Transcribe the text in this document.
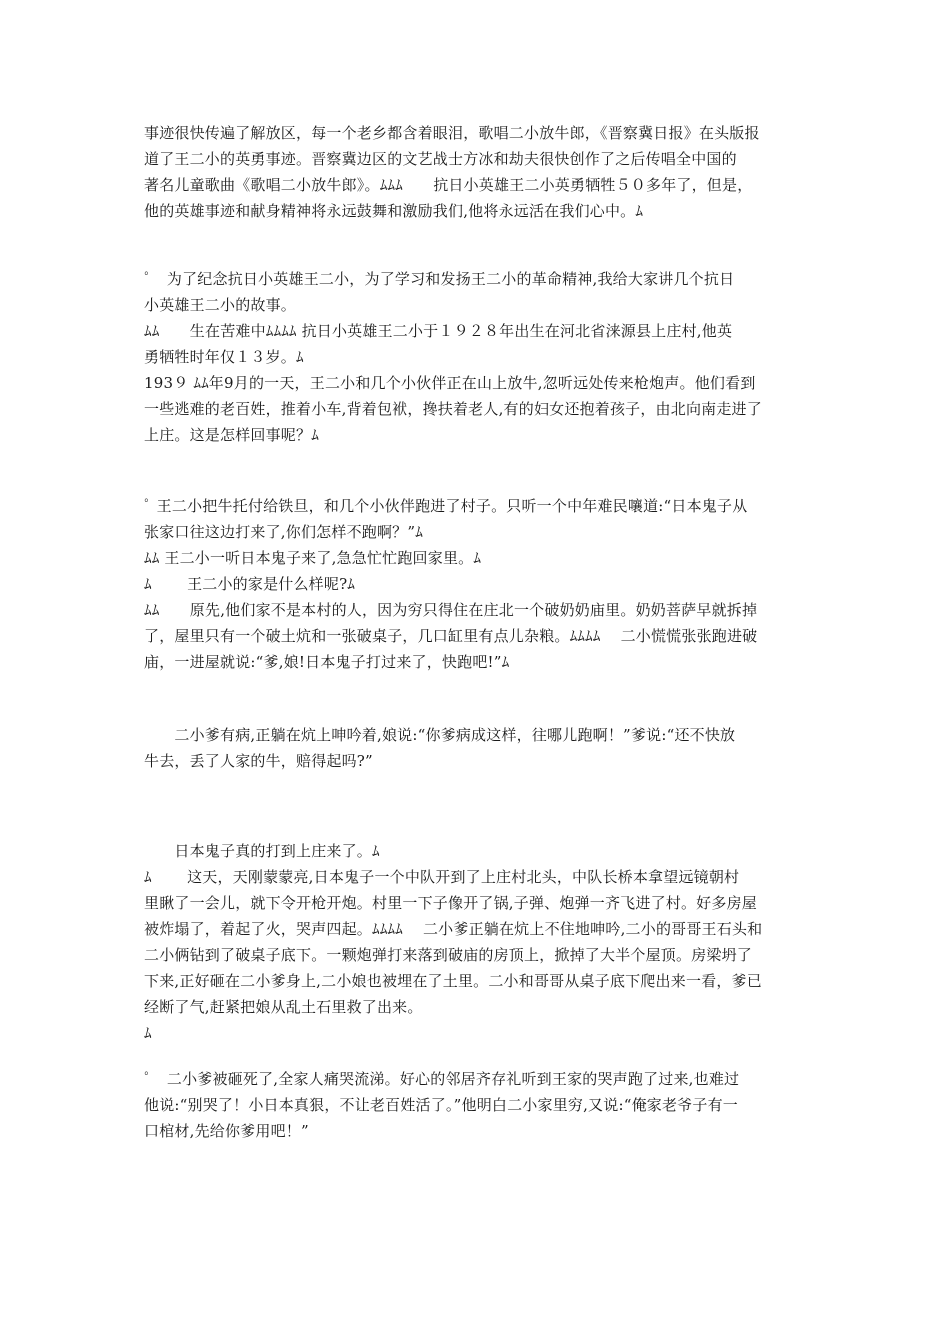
事迹很快传遍了解放区，每一个老乡都含着眼泪，歌唱二小放牛郎，《晋察冀日报》在头版报
道了王二小的英勇事迹。晋察冀边区的文艺战士方冰和劫夫很快创作了之后传唱全中国的
著名儿童歌曲《歌唱二小放牛郎》。ﾑﾑﾑ　　抗日小英雄王二小英勇牺牲５０多年了，但是，
他的英雄事迹和献身精神将永远鼓舞和激励我们,他将永远活在我们心中。ﾑ
ﾟ　为了纪念抗日小英雄王二小，为了学习和发扬王二小的革命精神,我给大家讲几个抗日
小英雄王二小的故事。
ﾑﾑ　　生在苦难中ﾑﾑﾑﾑ 抗日小英雄王二小于１９２８年出生在河北省涞源县上庄村,他英
勇牺牲时年仅１３岁。ﾑ
193９ ﾑﾑ年9月的一天，王二小和几个小伙伴正在山上放牛,忽听远处传来枪炮声。他们看到
一些逃难的老百姓，推着小车,背着包袱，搀扶着老人,有的妇女还抱着孩子，由北向南走进了
上庄。这是怎样回事呢？ﾑ
ﾟ 王二小把牛托付给铁旦，和几个小伙伴跑进了村子。只听一个中年难民嚷道:“日本鬼子从
张家口往这边打来了,你们怎样不跑啊？”ﾑ
ﾑﾑ 王二小一听日本鬼子来了,急急忙忙跑回家里。ﾑ
ﾑ　　 王二小的家是什么样呢?ﾑ
ﾑﾑ　　原先,他们家不是本村的人，因为穷只得住在庄北一个破奶奶庙里。奶奶菩萨早就拆掉
了，屋里只有一个破土炕和一张破桌子，几口缸里有点儿杂粮。ﾑﾑﾑﾑ　 二小慌慌张张跑进破
庙，一进屋就说:“爹,娘!日本鬼子打过来了，快跑吧!”ﾑ
　　二小爹有病,正躺在炕上呻吟着,娘说:“你爹病成这样，往哪儿跑啊！”爹说:“还不快放
牛去，丢了人家的牛，赔得起吗?”
　　日本鬼子真的打到上庄来了。ﾑ
ﾑ　　 这天，天刚蒙蒙亮,日本鬼子一个中队开到了上庄村北头，中队长桥本拿望远镜朝村
里瞅了一会儿，就下令开枪开炮。村里一下子像开了锅,子弹、炮弹一齐飞进了村。好多房屋
被炸塌了，着起了火，哭声四起。ﾑﾑﾑﾑ　 二小爹正躺在炕上不住地呻吟,二小的哥哥王石头和
二小俩钻到了破桌子底下。一颗炮弹打来落到破庙的房顶上，掀掉了大半个屋顶。房梁坍了
下来,正好砸在二小爹身上,二小娘也被埋在了土里。二小和哥哥从桌子底下爬出来一看，爹已
经断了气,赶紧把娘从乱土石里救了出来。
ﾑ
ﾟ　二小爹被砸死了,全家人痛哭流涕。好心的邻居齐存礼听到王家的哭声跑了过来,也难过
他说:“别哭了！小日本真狠，不让老百姓活了。”他明白二小家里穷,又说:“俺家老爷子有一
口棺材,先给你爹用吧！”
